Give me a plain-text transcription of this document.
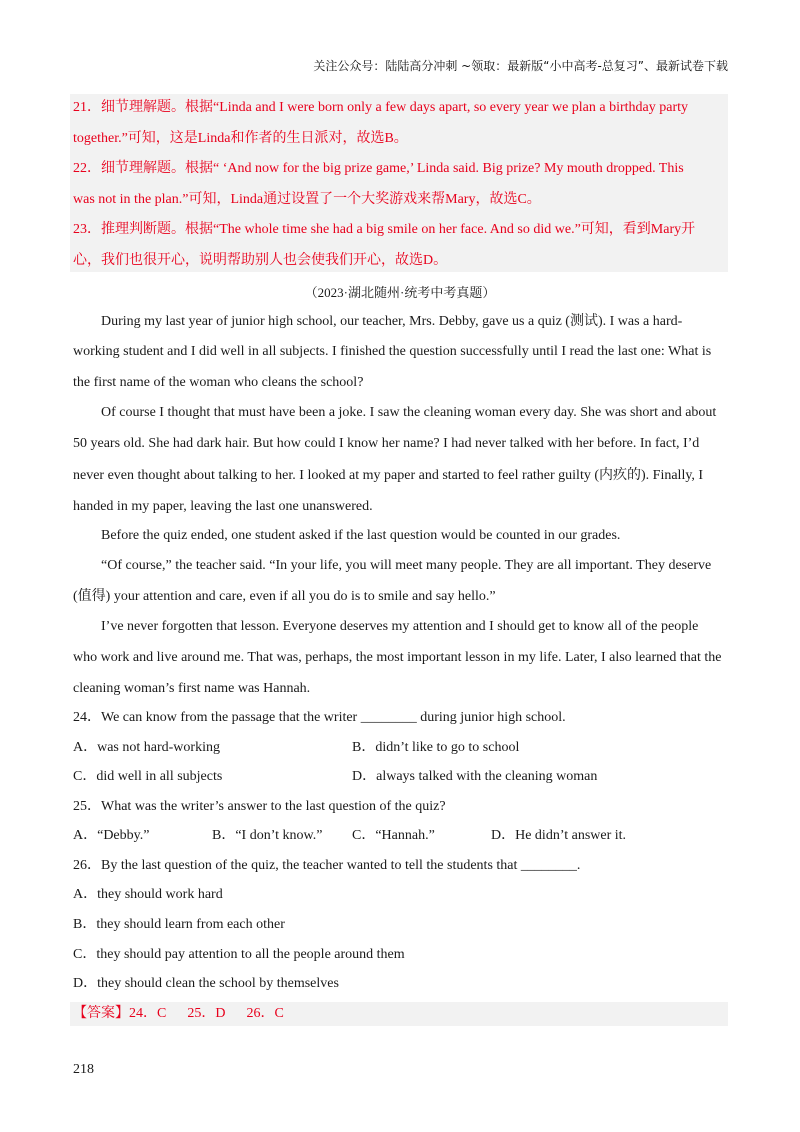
关注公众号：陆陆高分冲刺 ~领取：最新版“小中高考-总复习”、最新试卷下载
21．细节理解题。根据“Linda and I were born only a few days apart, so every year we plan a birthday party
together.”可知，这是Linda和作者的生日派对，故选B。
22．细节理解题。根据“ ‘And now for the big prize game,’ Linda said. Big prize? My mouth dropped. This
was not in the plan.”可知，Linda通过设置了一个大奖游戏来帮Mary，故选C。
23．推理判断题。根据“The whole time she had a big smile on her face. And so did we.”可知，看到Mary开
心，我们也很开心，说明帮助别人也会使我们开心，故选D。
（2023·湖北随州·统考中考真题）
During my last year of junior high school, our teacher, Mrs. Debby, gave us a quiz (测试). I was a hard-
working student and I did well in all subjects. I finished the question successfully until I read the last one: What is
the first name of the woman who cleans the school?
Of course I thought that must have been a joke. I saw the cleaning woman every day. She was short and about
50 years old. She had dark hair. But how could I know her name? I had never talked with her before. In fact, I’d
never even thought about talking to her. I looked at my paper and started to feel rather guilty (内疚的). Finally, I
handed in my paper, leaving the last one unanswered.
Before the quiz ended, one student asked if the last question would be counted in our grades.
“Of course,” the teacher said. “In your life, you will meet many people. They are all important. They deserve
(值得) your attention and care, even if all you do is to smile and say hello.”
I’ve never forgotten that lesson. Everyone deserves my attention and I should get to know all of the people
who work and live around me. That was, perhaps, the most important lesson in my life. Later, I also learned that the
cleaning woman’s first name was Hannah.
24．We can know from the passage that the writer ________ during junior high school.
A．was not hard-working	B．didn’t like to go to school
C．did well in all subjects	D．always talked with the cleaning woman
25．What was the writer’s answer to the last question of the quiz?
A．“Debby.”	B．“I don’t know.” C．“Hannah.”	D．He didn’t answer it.
26．By the last question of the quiz, the teacher wanted to tell the students that ________.
A．they should work hard
B．they should learn from each other
C．they should pay attention to all the people around them
D．they should clean the school by themselves
【答案】24．C      25．D      26．C
218
